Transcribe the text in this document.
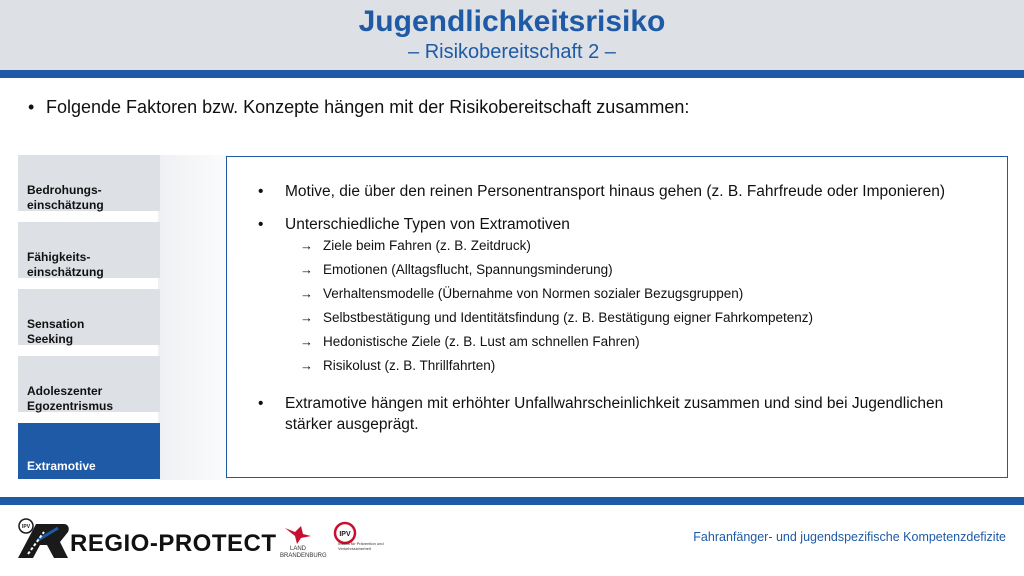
Jugendlichkeitsrisiko
– Risikobereitschaft 2 –
• Folgende Faktoren bzw. Konzepte hängen mit der Risikobereitschaft zusammen:

Bedrohungs-
einschätzung

Fähigkeits-
einschätzung

Sensation
Seeking

Adoleszenter
Egozentrismus

Extramotive

• Motive, die über den reinen Personentransport hinaus gehen (z. B. Fahrfreude oder Imponieren)
• Unterschiedliche Typen von Extramotiven
→ Ziele beim Fahren (z. B. Zeitdruck)
→ Emotionen (Alltagsflucht, Spannungsminderung)
→ Verhaltensmodelle (Übernahme von Normen sozialer Bezugsgruppen)
→ Selbstbestätigung und Identitätsfindung (z. B. Bestätigung eigner Fahrkompetenz)
→ Hedonistische Ziele (z. B. Lust am schnellen Fahren)
→ Risikolust (z. B. Thrillfahrten)
• Extramotive hängen mit erhöhter Unfallwahrscheinlichkeit zusammen und sind bei Jugendlichen stärker ausgeprägt.
IPV
REGIO-PROTECT	LAND
BRANDENBURG
IPV
Institut für Prävention und Verkehrssicherheit
Fahranfänger- und jugendspezifische Kompetenzdefizite
